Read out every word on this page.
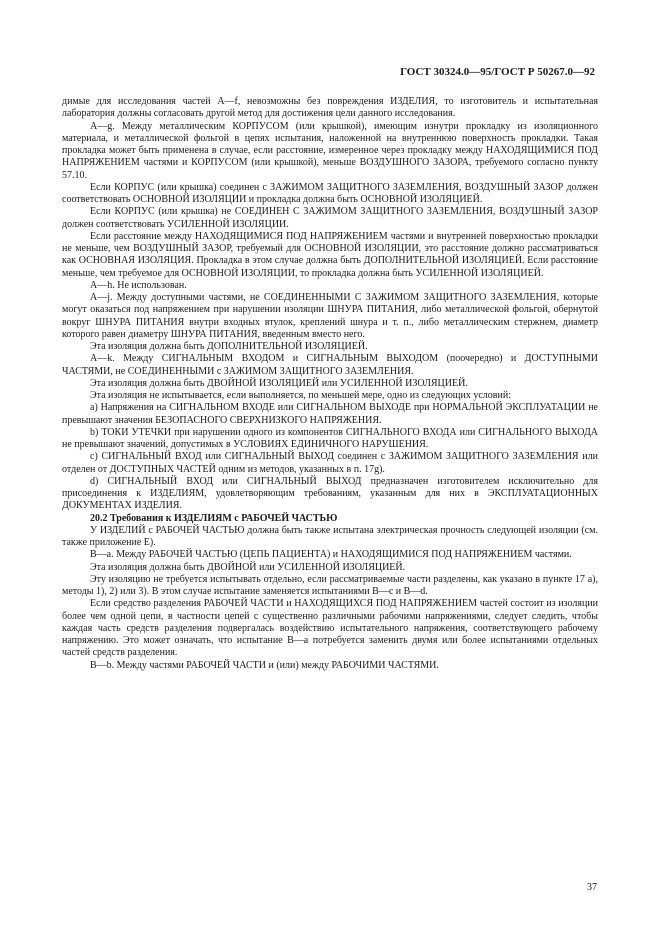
ГОСТ 30324.0—95/ГОСТ Р 50267.0—92

димые для исследования частей А—f, невозможны без повреждения ИЗДЕЛИЯ, то изготовитель и испытательная лаборатория должны согласовать другой метод для достижения цели данного исследования.

А—g. Между металлическим КОРПУСОМ (или крышкой), имеющим изнутри прокладку из изоляционного материала, и металлической фольгой в цепях испытания, наложенной на внутреннюю поверхность прокладки. Такая прокладка может быть применена в случае, если расстояние, измеренное через прокладку между НАХОДЯЩИМИСЯ ПОД НАПРЯЖЕНИЕМ частями и КОРПУСОМ (или крышкой), меньше ВОЗДУШНОГО ЗАЗОРА, требуемого согласно пункту 57.10.

Если КОРПУС (или крышка) соединен с ЗАЖИМОМ ЗАЩИТНОГО ЗАЗЕМЛЕНИЯ, ВОЗДУШНЫЙ ЗАЗОР должен соответствовать ОСНОВНОЙ ИЗОЛЯЦИИ и прокладка должна быть ОСНОВНОЙ ИЗОЛЯЦИЕЙ.

Если КОРПУС (или крышка) не СОЕДИНЕН С ЗАЖИМОМ ЗАЩИТНОГО ЗАЗЕМЛЕНИЯ, ВОЗДУШНЫЙ ЗАЗОР должен соответствовать УСИЛЕННОЙ ИЗОЛЯЦИИ.

Если расстояние между НАХОДЯЩИМИСЯ ПОД НАПРЯЖЕНИЕМ частями и внутренней поверхностью прокладки не меньше, чем ВОЗДУШНЫЙ ЗАЗОР, требуемый для ОСНОВНОЙ ИЗОЛЯЦИИ, это расстояние должно рассматриваться как ОСНОВНАЯ ИЗОЛЯЦИЯ. Прокладка в этом случае должна быть ДОПОЛНИТЕЛЬНОЙ ИЗОЛЯЦИЕЙ. Если расстояние меньше, чем требуемое для ОСНОВНОЙ ИЗОЛЯЦИИ, то прокладка должна быть УСИЛЕННОЙ ИЗОЛЯЦИЕЙ.

А—h. Не использован.

А—j. Между доступными частями, не СОЕДИНЕННЫМИ С ЗАЖИМОМ ЗАЩИТНОГО ЗАЗЕМЛЕНИЯ, которые могут оказаться под напряжением при нарушении изоляции ШНУРА ПИТАНИЯ, либо металлической фольгой, обернутой вокруг ШНУРА ПИТАНИЯ внутри входных втулок, креплений шнура и т. п., либо металлическим стержнем, диаметр которого равен диаметру ШНУРА ПИТАНИЯ, введенным вместо него.

Эта изоляция должна быть ДОПОЛНИТЕЛЬНОЙ ИЗОЛЯЦИЕЙ.

А—k. Между СИГНАЛЬНЫМ ВХОДОМ и СИГНАЛЬНЫМ ВЫХОДОМ (поочередно) и ДОСТУПНЫМИ ЧАСТЯМИ, не СОЕДИНЕННЫМИ с ЗАЖИМОМ ЗАЩИТНОГО ЗАЗЕМЛЕНИЯ.

Эта изоляция должна быть ДВОЙНОЙ ИЗОЛЯЦИЕЙ или УСИЛЕННОЙ ИЗОЛЯЦИЕЙ.

Эта изоляция не испытывается, если выполняется, по меньшей мере, одно из следующих условий:

а) Напряжения на СИГНАЛЬНОМ ВХОДЕ или СИГНАЛЬНОМ ВЫХОДЕ при НОРМАЛЬНОЙ ЭКСПЛУАТАЦИИ не превышают значения БЕЗОПАСНОГО СВЕРХНИЗКОГО НАПРЯЖЕНИЯ.

b) ТОКИ УТЕЧКИ при нарушении одного из компонентов СИГНАЛЬНОГО ВХОДА или СИГНАЛЬНОГО ВЫХОДА не превышают значений, допустимых в УСЛОВИЯХ ЕДИНИЧНОГО НАРУШЕНИЯ.

с) СИГНАЛЬНЫЙ ВХОД или СИГНАЛЬНЫЙ ВЫХОД соединен с ЗАЖИМОМ ЗАЩИТНОГО ЗАЗЕМЛЕНИЯ или отделен от ДОСТУПНЫХ ЧАСТЕЙ одним из методов, указанных в п. 17g).

d) СИГНАЛЬНЫЙ ВХОД или СИГНАЛЬНЫЙ ВЫХОД предназначен изготовителем исключительно для присоединения к ИЗДЕЛИЯМ, удовлетворяющим требованиям, указанным для них в ЭКСПЛУАТАЦИОННЫХ ДОКУМЕНТАХ ИЗДЕЛИЯ.

20.2 Требования к ИЗДЕЛИЯМ с РАБОЧЕЙ ЧАСТЬЮ

У ИЗДЕЛИЙ с РАБОЧЕЙ ЧАСТЬЮ должна быть также испытана электрическая прочность следующей изоляции (см. также приложение Е).

В—а. Между РАБОЧЕЙ ЧАСТЬЮ (ЦЕПЬ ПАЦИЕНТА) и НАХОДЯЩИМИСЯ ПОД НАПРЯЖЕНИЕМ частями.

Эта изоляция должна быть ДВОЙНОЙ или УСИЛЕННОЙ ИЗОЛЯЦИЕЙ.

Эту изоляцию не требуется испытывать отдельно, если рассматриваемые части разделены, как указано в пункте 17 а), методы 1), 2) или 3). В этом случае испытание заменяется испытаниями В—с и В—d.

Если средство разделения РАБОЧЕЙ ЧАСТИ и НАХОДЯЩИХСЯ ПОД НАПРЯЖЕНИЕМ частей состоит из изоляции более чем одной цепи, в частности цепей с существенно различными рабочими напряжениями, следует следить, чтобы каждая часть средств разделения подвергалась воздействию испытательного напряжения, соответствующего рабочему напряжению. Это может означать, что испытание В—а потребуется заменить двумя или более испытаниями отдельных частей средств разделения.

В—b. Между частями РАБОЧЕЙ ЧАСТИ и (или) между РАБОЧИМИ ЧАСТЯМИ.

37
